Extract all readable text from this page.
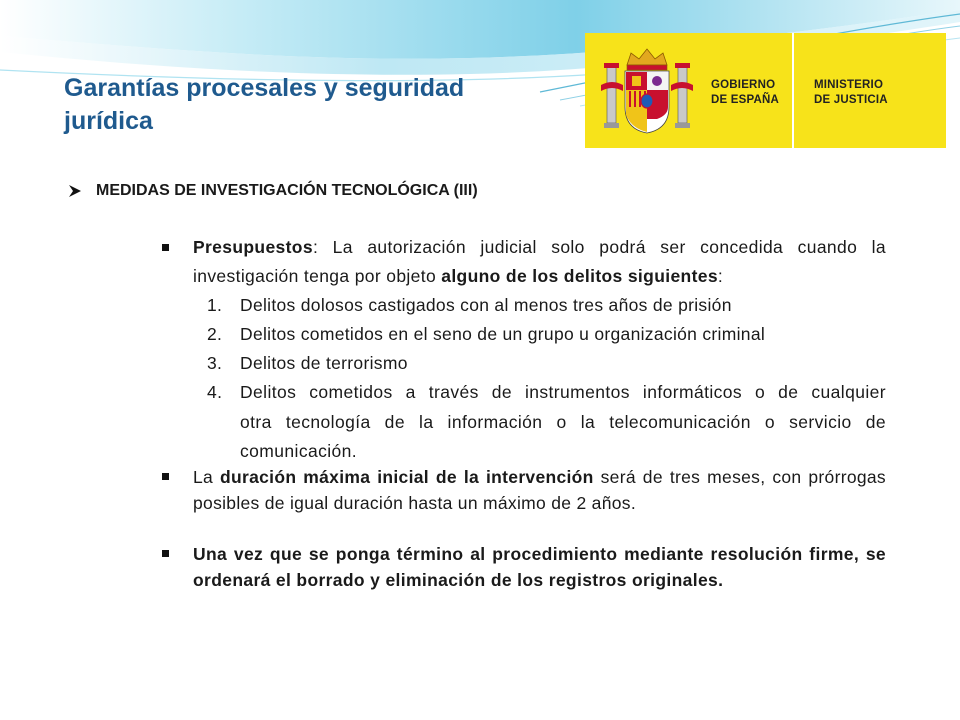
Garantías procesales y seguridad jurídica
GOBIERNO
DE ESPAÑA
MINISTERIO
DE JUSTICIA
MEDIDAS DE INVESTIGACIÓN TECNOLÓGICA (III)
Presupuestos: La autorización judicial solo podrá ser concedida cuando la investigación tenga por objeto alguno de los delitos siguientes:
1. Delitos dolosos castigados con al menos tres años de prisión
2. Delitos cometidos en el seno de un grupo u organización criminal
3. Delitos de terrorismo
4. Delitos cometidos a través de instrumentos informáticos o de cualquier otra tecnología de la información o la telecomunicación o servicio de comunicación.
La duración máxima inicial de la intervención será de tres meses, con prórrogas posibles de igual duración hasta un máximo de 2 años.
Una vez que se ponga término al procedimiento mediante resolución firme, se ordenará el borrado y eliminación de los registros originales.
